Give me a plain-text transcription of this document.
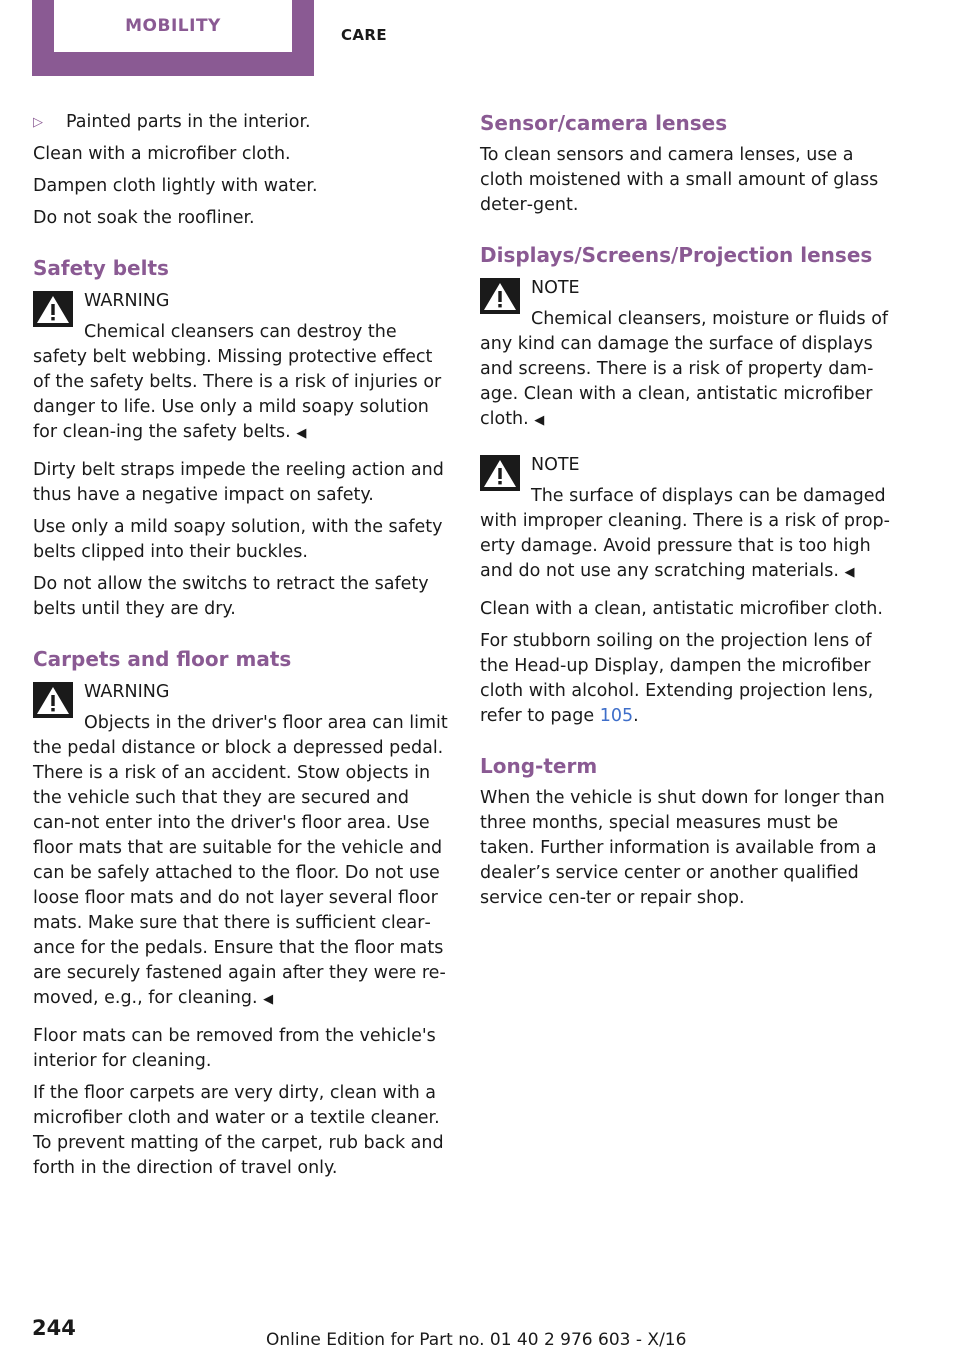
MOBILITY	CARE
▷	Painted parts in the interior.

Clean with a microfiber cloth.

Dampen cloth lightly with water.

Do not soak the roofliner.

Safety belts
WARNING

Chemical cleansers can destroy the safety belt webbing. Missing protective effect of the safety belts. There is a risk of injuries or danger to life. Use only a mild soapy solution for clean‐ing the safety belts. ◀

Dirty belt straps impede the reeling action and thus have a negative impact on safety.

Use only a mild soapy solution, with the safety belts clipped into their buckles.

Do not allow the switchs to retract the safety belts until they are dry.

Carpets and floor mats
WARNING

Objects in the driver's floor area can limit the pedal distance or block a depressed pedal. There is a risk of an accident. Stow objects in the vehicle such that they are secured and can‐not enter into the driver's floor area. Use floor mats that are suitable for the vehicle and can be safely attached to the floor. Do not use loose floor mats and do not layer several floor mats. Make sure that there is sufficient clear‐ance for the pedals. Ensure that the floor mats are securely fastened again after they were re‐moved, e.g., for cleaning. ◀

Floor mats can be removed from the vehicle's interior for cleaning.

If the floor carpets are very dirty, clean with a microfiber cloth and water or a textile cleaner. To prevent matting of the carpet, rub back and forth in the direction of travel only.

Sensor/camera lenses

To clean sensors and camera lenses, use a cloth moistened with a small amount of glass deter‐gent.

Displays/Screens/Projection lenses
NOTE

Chemical cleansers, moisture or fluids of any kind can damage the surface of displays and screens. There is a risk of property dam‐age. Clean with a clean, antistatic microfiber cloth. ◀

NOTE

The surface of displays can be damaged with improper cleaning. There is a risk of prop‐erty damage. Avoid pressure that is too high and do not use any scratching materials. ◀

Clean with a clean, antistatic microfiber cloth.

For stubborn soiling on the projection lens of the Head-up Display, dampen the microfiber cloth with alcohol. Extending projection lens, refer to page 105.

Long-term

When the vehicle is shut down for longer than three months, special measures must be taken. Further information is available from a dealer’s service center or another qualified service cen‐ter or repair shop.

244	Online Edition for Part no. 01 40 2 976 603 - X/16
